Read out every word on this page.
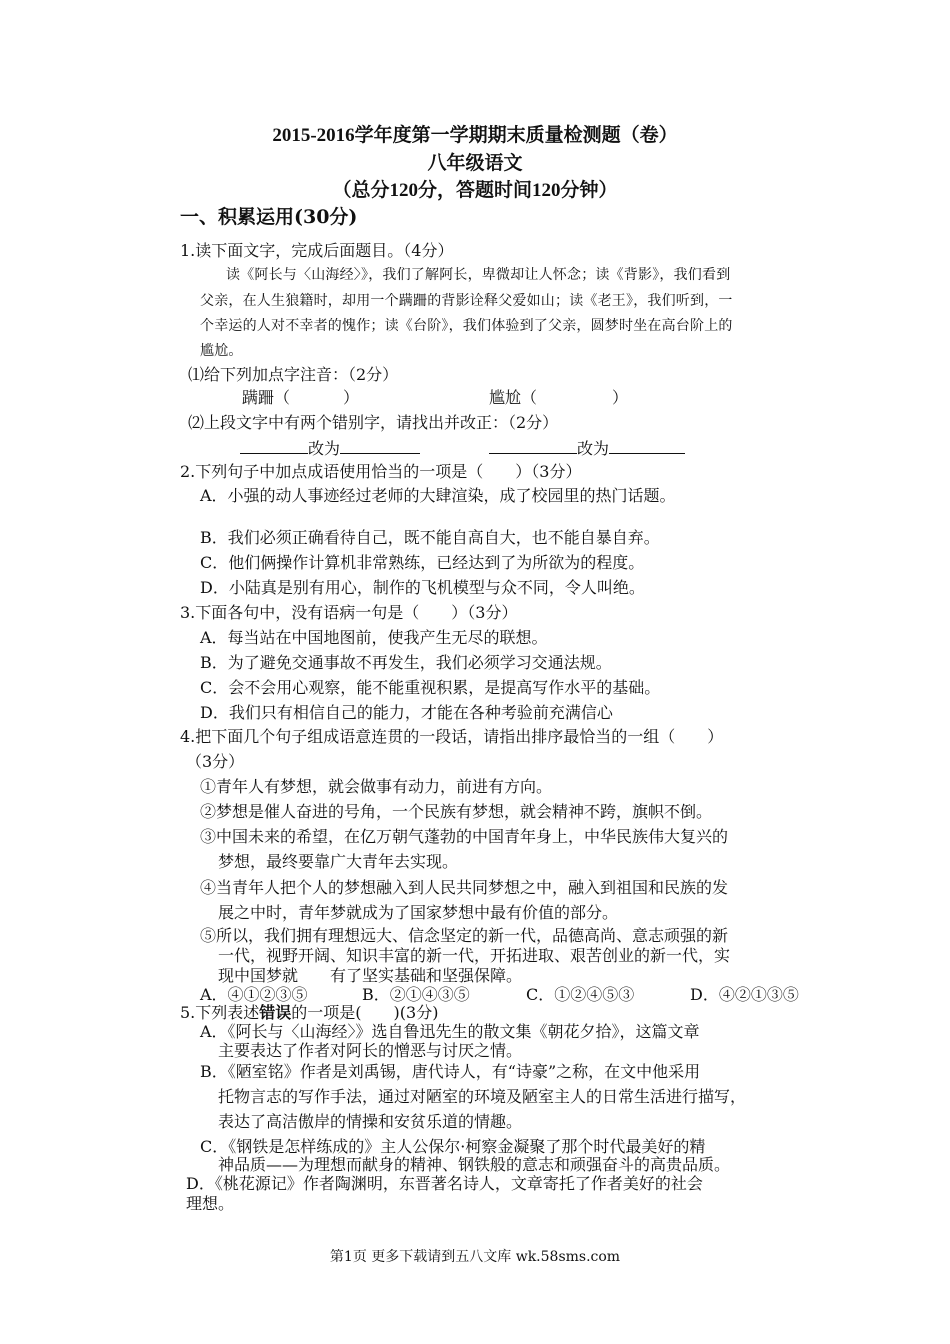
2015-2016学年度第一学期期末质量检测题（卷）
八年级语文
（总分120分，答题时间120分钟）
一、积累运用(30分)
1.读下面文字，完成后面题目。（4分）
读《阿长与〈山海经〉》，我们了解阿长，卑微却让人怀念；读《背影》，我们看到
父亲，在人生狼籍时，却用一个蹒跚的背影诠释父爱如山；读《老王》，我们听到，一
个幸运的人对不幸者的愧作；读《台阶》，我们体验到了父亲，圆梦时坐在高台阶上的
尴尬。
⑴给下列加点字注音：（2分）
蹒跚（	）	尴尬（	）
⑵上段文字中有两个错别字，请找出并改正：（2分）
改为	改为
2.下列句子中加点成语使用恰当的一项是（　　）（3分）
A．小强的动人事迹经过老师的大肆渲染，成了校园里的热门话题。
B．我们必须正确看待自己，既不能自高自大，也不能自暴自弃。
C．他们俩操作计算机非常熟练，已经达到了为所欲为的程度。
D．小陆真是别有用心，制作的飞机模型与众不同，令人叫绝。
3.下面各句中，没有语病一句是（　　）（3分）
A．每当站在中国地图前，使我产生无尽的联想。
B．为了避免交通事故不再发生，我们必须学习交通法规。
C．会不会用心观察，能不能重视积累，是提高写作水平的基础。
D．我们只有相信自己的能力，才能在各种考验前充满信心
4.把下面几个句子组成语意连贯的一段话，请指出排序最恰当的一组（　　）
（3分）
①青年人有梦想，就会做事有动力，前进有方向。
②梦想是催人奋进的号角，一个民族有梦想，就会精神不跨，旗帜不倒。
③中国未来的希望，在亿万朝气蓬勃的中国青年身上，中华民族伟大复兴的
梦想，最终要靠广大青年去实现。
④当青年人把个人的梦想融入到人民共同梦想之中，融入到祖国和民族的发
展之中时，青年梦就成为了国家梦想中最有价值的部分。
⑤所以，我们拥有理想远大、信念坚定的新一代，品德高尚、意志顽强的新
一代，视野开阔、知识丰富的新一代，开拓进取、艰苦创业的新一代，实
现中国梦就　　有了坚实基础和坚强保障。
A．④①②③⑤	B．②①④③⑤	C．①②④⑤③	D．④②①③⑤
5.下列表述错误的一项是(　　)(3分)
A．《阿长与〈山海经〉》选自鲁迅先生的散文集《朝花夕拾》，这篇文章
主要表达了作者对阿长的憎恶与讨厌之情。
B．《陋室铭》作者是刘禹锡，唐代诗人，有“诗豪”之称，在文中他采用
托物言志的写作手法，通过对陋室的环境及陋室主人的日常生活进行描写，
表达了高洁傲岸的情操和安贫乐道的情趣。
C．《钢铁是怎样练成的》主人公保尔·柯察金凝聚了那个时代最美好的精
神品质——为理想而献身的精神、钢铁般的意志和顽强奋斗的高贵品质。
D．《桃花源记》作者陶渊明，东晋著名诗人，文章寄托了作者美好的社会
理想。
第1页 更多下载请到五八文库 wk.58sms.com
